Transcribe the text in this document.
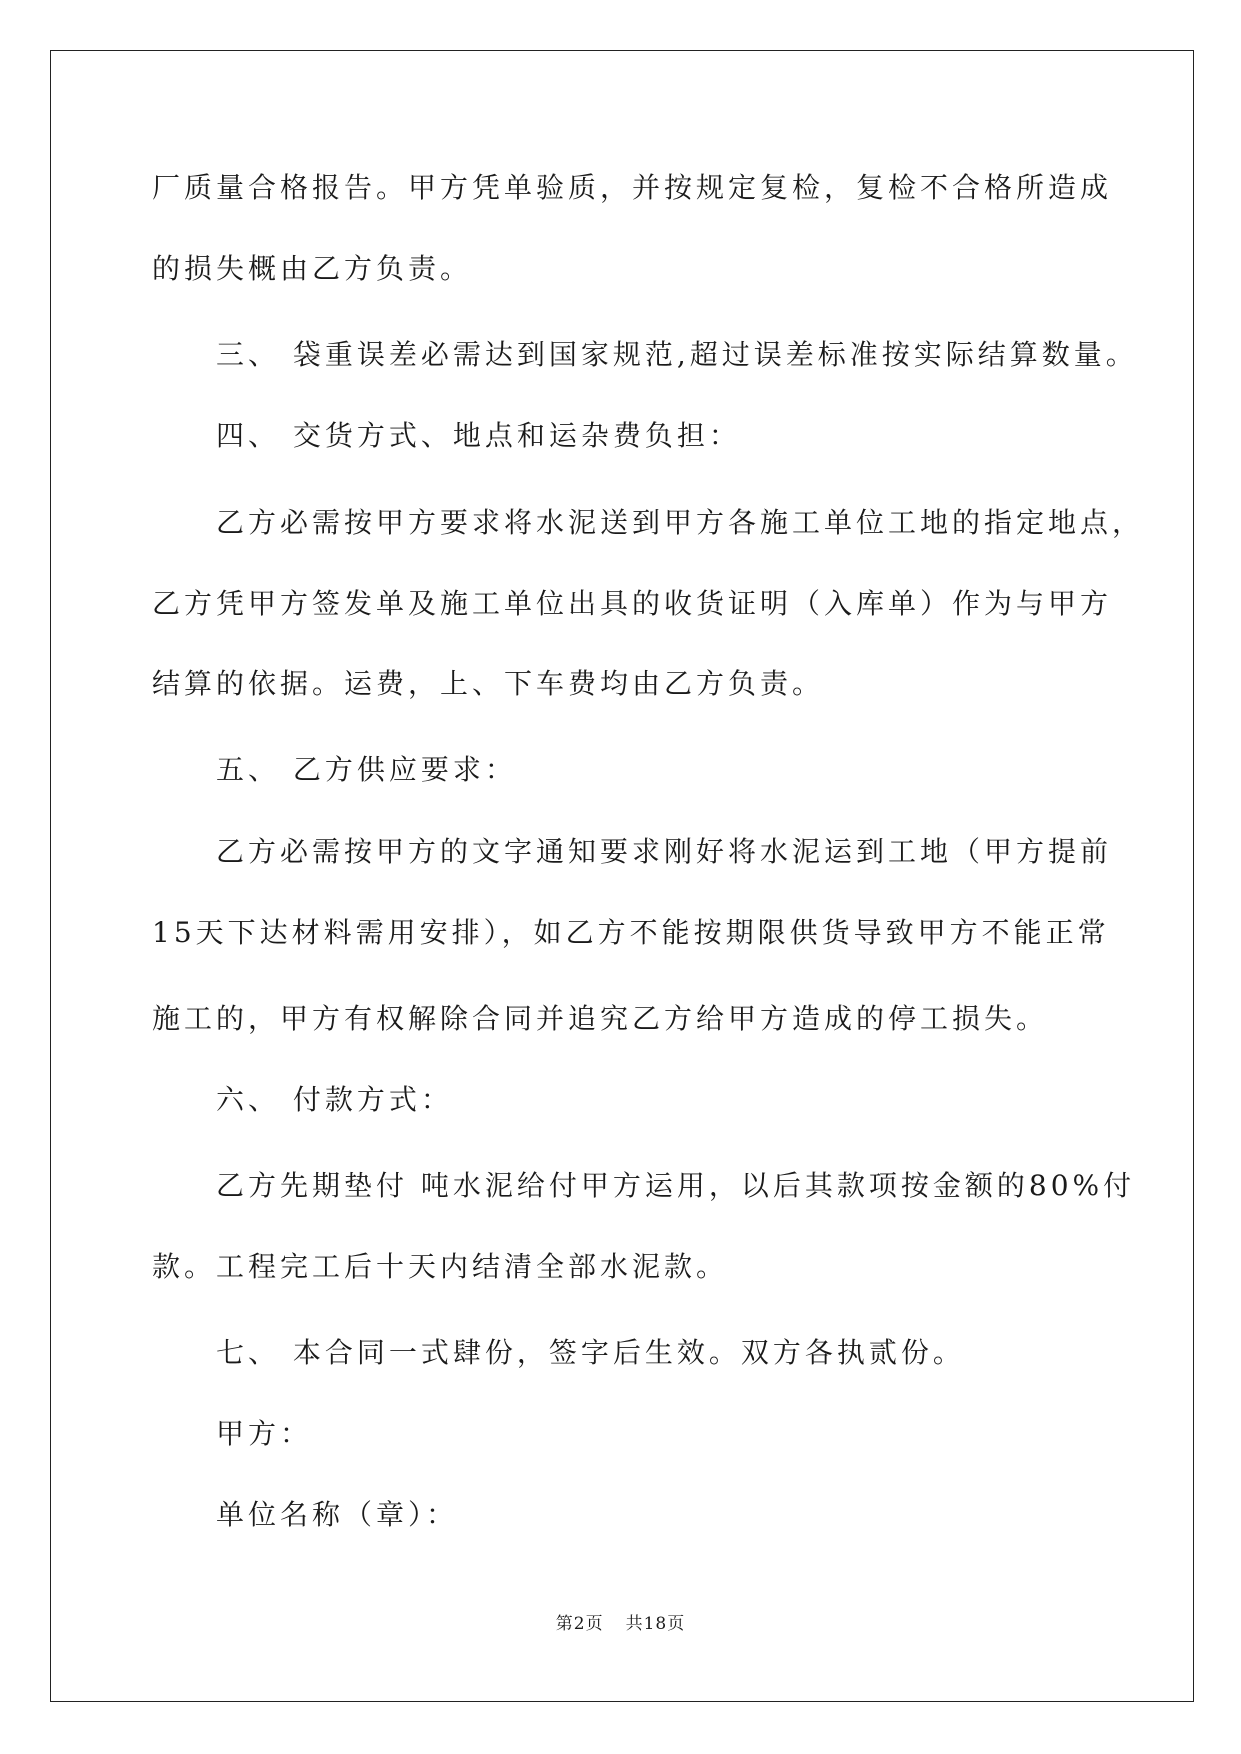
厂质量合格报告。甲方凭单验质，并按规定复检，复检不合格所造成

的损失概由乙方负责。

三、 袋重误差必需达到国家规范,超过误差标准按实际结算数量。

四、 交货方式、地点和运杂费负担：

乙方必需按甲方要求将水泥送到甲方各施工单位工地的指定地点，

乙方凭甲方签发单及施工单位出具的收货证明（入库单）作为与甲方

结算的依据。运费，上、下车费均由乙方负责。

五、 乙方供应要求：

乙方必需按甲方的文字通知要求刚好将水泥运到工地（甲方提前

15天下达材料需用安排），如乙方不能按期限供货导致甲方不能正常

施工的，甲方有权解除合同并追究乙方给甲方造成的停工损失。

六、 付款方式：

乙方先期垫付 吨水泥给付甲方运用，以后其款项按金额的80%付

款。工程完工后十天内结清全部水泥款。

七、 本合同一式肆份，签字后生效。双方各执贰份。

甲方：

单位名称（章）：

第2页 共18页
